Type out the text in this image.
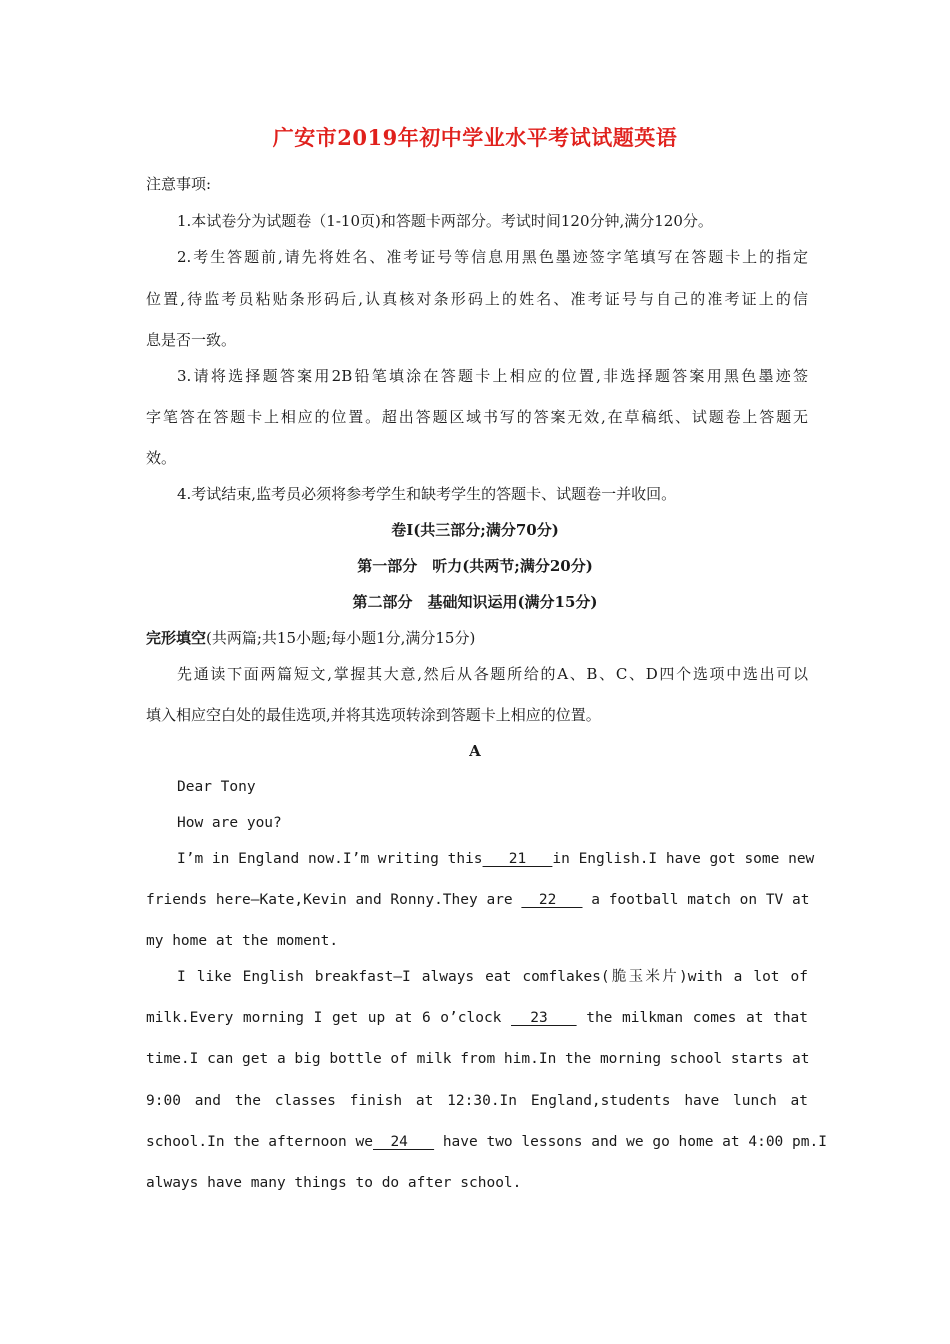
广安市2019年初中学业水平考试试题英语
注意事项:
1.本试卷分为试题卷（1-10页)和答题卡两部分。考试时间120分钟,满分120分。
2.考生答题前,请先将姓名、准考证号等信息用黑色墨迹签字笔填写在答题卡上的指定
位置,待监考员粘贴条形码后,认真核对条形码上的姓名、准考证号与自己的准考证上的信
息是否一致。
3.请将选择题答案用2B铅笔填涂在答题卡上相应的位置,非选择题答案用黑色墨迹签
字笔答在答题卡上相应的位置。超出答题区域书写的答案无效,在草稿纸、试题卷上答题无
效。
4.考试结束,监考员必须将参考学生和缺考学生的答题卡、试题卷一并收回。
卷Ⅰ(共三部分;满分70分)
第一部分　听力(共两节;满分20分)
第二部分　基础知识运用(满分15分)
完形填空(共两篇;共15小题;每小题1分,满分15分)
先通读下面两篇短文,掌握其大意,然后从各题所给的A、B、C、D四个选项中选出可以
填入相应空白处的最佳选项,并将其选项转涂到答题卡上相应的位置。
A
Dear Tony
How are you?
I’m in England now.I’m writing this   21   in English.I have got some new
friends here—Kate,Kevin and Ronny.They are   22    a football match on TV at
my home at the moment.
I like English breakfast—I always eat comflakes(脆玉米片)with a lot of
milk.Every morning I get up at 6 o’clock   23    the milkman comes at that
time.I can get a big bottle of milk from him.In the morning school starts at
9:00 and the classes finish at 12:30.In England,students have lunch at
school.In the afternoon we  24    have two lessons and we go home at 4:00 pm.I
always have many things to do after school.
